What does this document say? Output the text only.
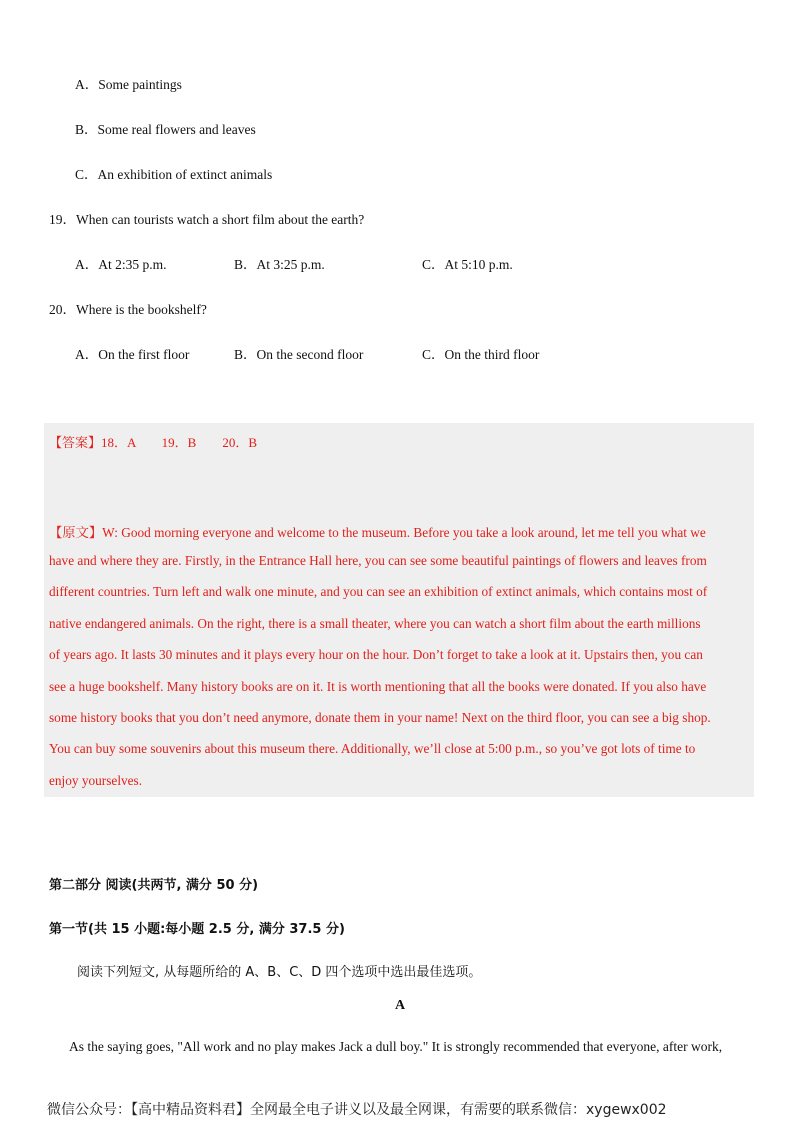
A．Some paintings
B．Some real flowers and leaves
C．An exhibition of extinct animals
19．When can tourists watch a short film about the earth?
A．At 2:35 p.m.	B．At 3:25 p.m.	C．At 5:10 p.m.
20．Where is the bookshelf?
A．On the first floor	B．On the second floor	C．On the third floor
【答案】18．A　　19．B　　20．B

【原文】W: Good morning everyone and welcome to the museum. Before you take a look around, let me tell you what we

have and where they are. Firstly, in the Entrance Hall here, you can see some beautiful paintings of flowers and leaves from

different countries. Turn left and walk one minute, and you can see an exhibition of extinct animals, which contains most of

native endangered animals. On the right, there is a small theater, where you can watch a short film about the earth millions

of years ago. It lasts 30 minutes and it plays every hour on the hour. Don’t forget to take a look at it. Upstairs then, you can

see a huge bookshelf. Many history books are on it. It is worth mentioning that all the books were donated. If you also have

some history books that you don’t need anymore, donate them in your name! Next on the third floor, you can see a big shop.

You can buy some souvenirs about this museum there. Additionally, we’ll close at 5:00 p.m., so you’ve got lots of time to

enjoy yourselves.

第二部分 阅读(共两节, 满分 50 分)
第一节(共 15 小题:每小题 2.5 分, 满分 37.5 分)
阅读下列短文, 从每题所给的 A、B、C、D 四个选项中选出最佳选项。
A
As the saying goes, "All work and no play makes Jack a dull boy." It is strongly recommended that everyone, after work,
微信公众号：【高中精品资料君】全网最全电子讲义以及最全网课，有需要的联系微信：xygewx002
